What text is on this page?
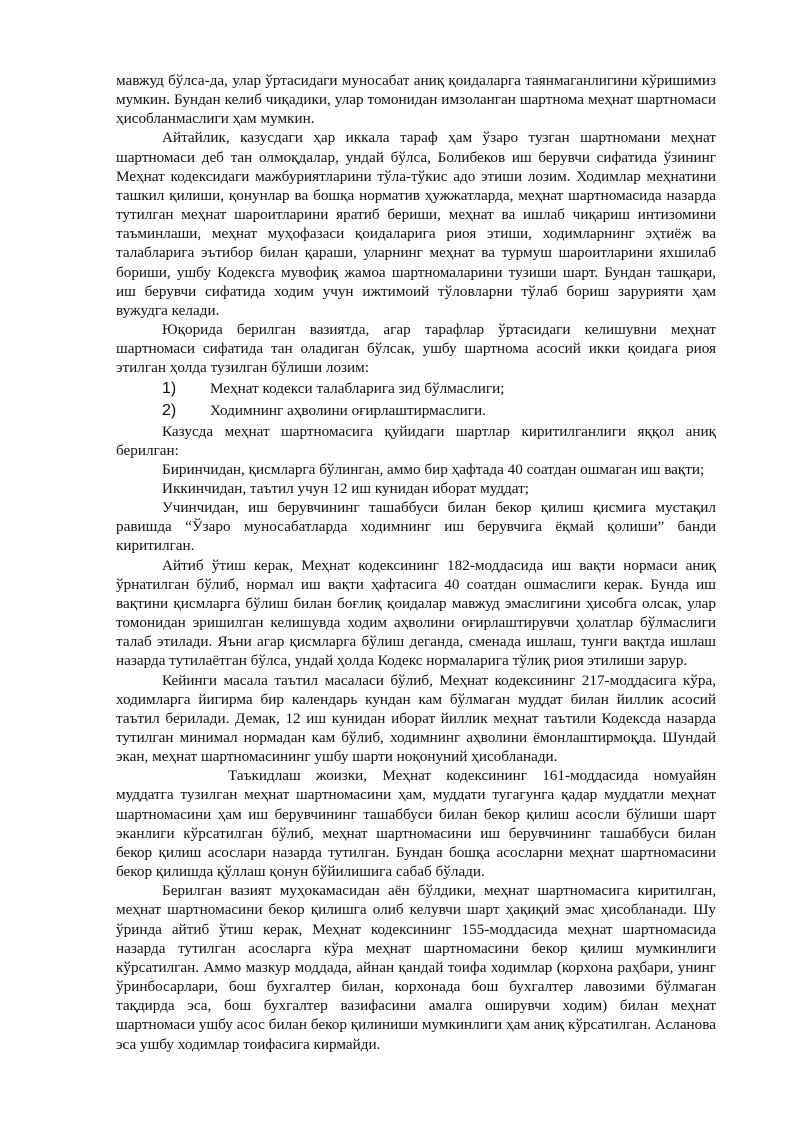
мавжуд бўлса-да, улар ўртасидаги муносабат аниқ қоидаларга таянмаганлигини кўришимиз мумкин. Бундан келиб чиқадики, улар томонидан имзоланган шартнома меҳнат шартномаси ҳисобланмаслиги ҳам мумкин.

Айтайлик, казусдаги ҳар иккала тараф ҳам ўзаро тузган шартномани меҳнат шартномаси деб тан олмоқдалар, ундай бўлса, Болибеков иш берувчи сифатида ўзининг Меҳнат кодексидаги мажбуриятларини тўла-тўкис адо этиши лозим. Ходимлар меҳнатини ташкил қилиши, қонунлар ва бошқа норматив ҳужжатларда, меҳнат шартномасида назарда тутилган меҳнат шароитларини яратиб бериши, меҳнат ва ишлаб чиқариш интизомини таъминлаши, меҳнат муҳофазаси қоидаларига риоя этиши, ходимларнинг эҳтиёж ва талабларига эътибор билан қараши, уларнинг меҳнат ва турмуш шароитларини яхшилаб бориши, ушбу Кодексга мувофиқ жамоа шартномаларини тузиши шарт. Бундан ташқари, иш берувчи сифатида ходим учун ижтимоий тўловларни тўлаб бориш зарурияти ҳам вужудга келади.

Юқорида берилган вазиятда, агар тарафлар ўртасидаги келишувни меҳнат шартномаси сифатида тан оладиган бўлсак, ушбу шартнома асосий икки қоидага риоя этилган ҳолда тузилган бўлиши лозим:

1)	Меҳнат кодекси талабларига зид бўлмаслиги;
2)	Ходимнинг аҳволини оғирлаштирмаслиги.

Казусда меҳнат шартномасига қуйидаги шартлар киритилганлиги яққол аниқ берилган:

Биринчидан, қисмларга бўлинган, аммо бир ҳафтада 40 соатдан ошмаган иш вақти;

Иккинчидан, таътил учун 12 иш кунидан иборат муддат;

Учинчидан, иш берувчининг ташаббуси билан бекор қилиш қисмига мустақил равишда “Ўзаро муносабатларда ходимнинг иш берувчига ёқмай қолиши” банди киритилган.

Айтиб ўтиш керак, Меҳнат кодексининг 182-моддасида иш вақти нормаси аниқ ўрнатилган бўлиб, нормал иш вақти ҳафтасига 40 соатдан ошмаслиги керак. Бунда иш вақтини қисмларга бўлиш билан боғлиқ қоидалар мавжуд эмаслигини ҳисобга олсак, улар томонидан эришилган келишувда ходим аҳволини оғирлаштирувчи ҳолатлар бўлмаслиги талаб этилади. Яъни агар қисмларга бўлиш деганда, сменада ишлаш, тунги вақтда ишлаш назарда тутилаётган бўлса, ундай ҳолда Кодекс нормаларига тўлиқ риоя этилиши зарур.

Кейинги масала таътил масаласи бўлиб, Меҳнат кодексининг 217-моддасига кўра, ходимларга йигирма бир календарь кундан кам бўлмаган муддат билан йиллик асосий таътил берилади. Демак, 12 иш кунидан иборат йиллик меҳнат таътили Кодексда назарда тутилган минимал нормадан кам бўлиб, ходимнинг аҳволини ёмонлаштирмоқда. Шундай экан, меҳнат шартномасининг ушбу шарти ноқонуний ҳисобланади.

Таъкидлаш жоизки, Меҳнат кодексининг 161-моддасида номуайян муддатга тузилган меҳнат шартномасини ҳам, муддати тугагунга қадар муддатли меҳнат шартномасини ҳам иш берувчининг ташаббуси билан бекор қилиш асосли бўлиши шарт эканлиги кўрсатилган бўлиб, меҳнат шартномасини иш берувчининг ташаббуси билан бекор қилиш асослари назарда тутилган. Бундан бошқа асосларни меҳнат шартномасини бекор қилишда қўллаш қонун бўйилишига сабаб бўлади.

Берилган вазият муҳокамасидан аён бўлдики, меҳнат шартномасига киритилган, меҳнат шартномасини бекор қилишга олиб келувчи шарт ҳақиқий эмас ҳисобланади. Шу ўринда айтиб ўтиш керак, Меҳнат кодексининг 155-моддасида меҳнат шартномасида назарда тутилган асосларга кўра меҳнат шартномасини бекор қилиш мумкинлиги кўрсатилган. Аммо мазкур моддада, айнан қандай тоифа ходимлар (корхона раҳбари, унинг ўринбосарлари, бош бухгалтер билан, корхонада бош бухгалтер лавозими бўлмаган тақдирда эса, бош бухгалтер вазифасини амалга оширувчи ходим) билан меҳнат шартномаси ушбу асос билан бекор қилиниши мумкинлиги ҳам аниқ кўрсатилган. Асланова эса ушбу ходимлар тоифасига кирмайди.
